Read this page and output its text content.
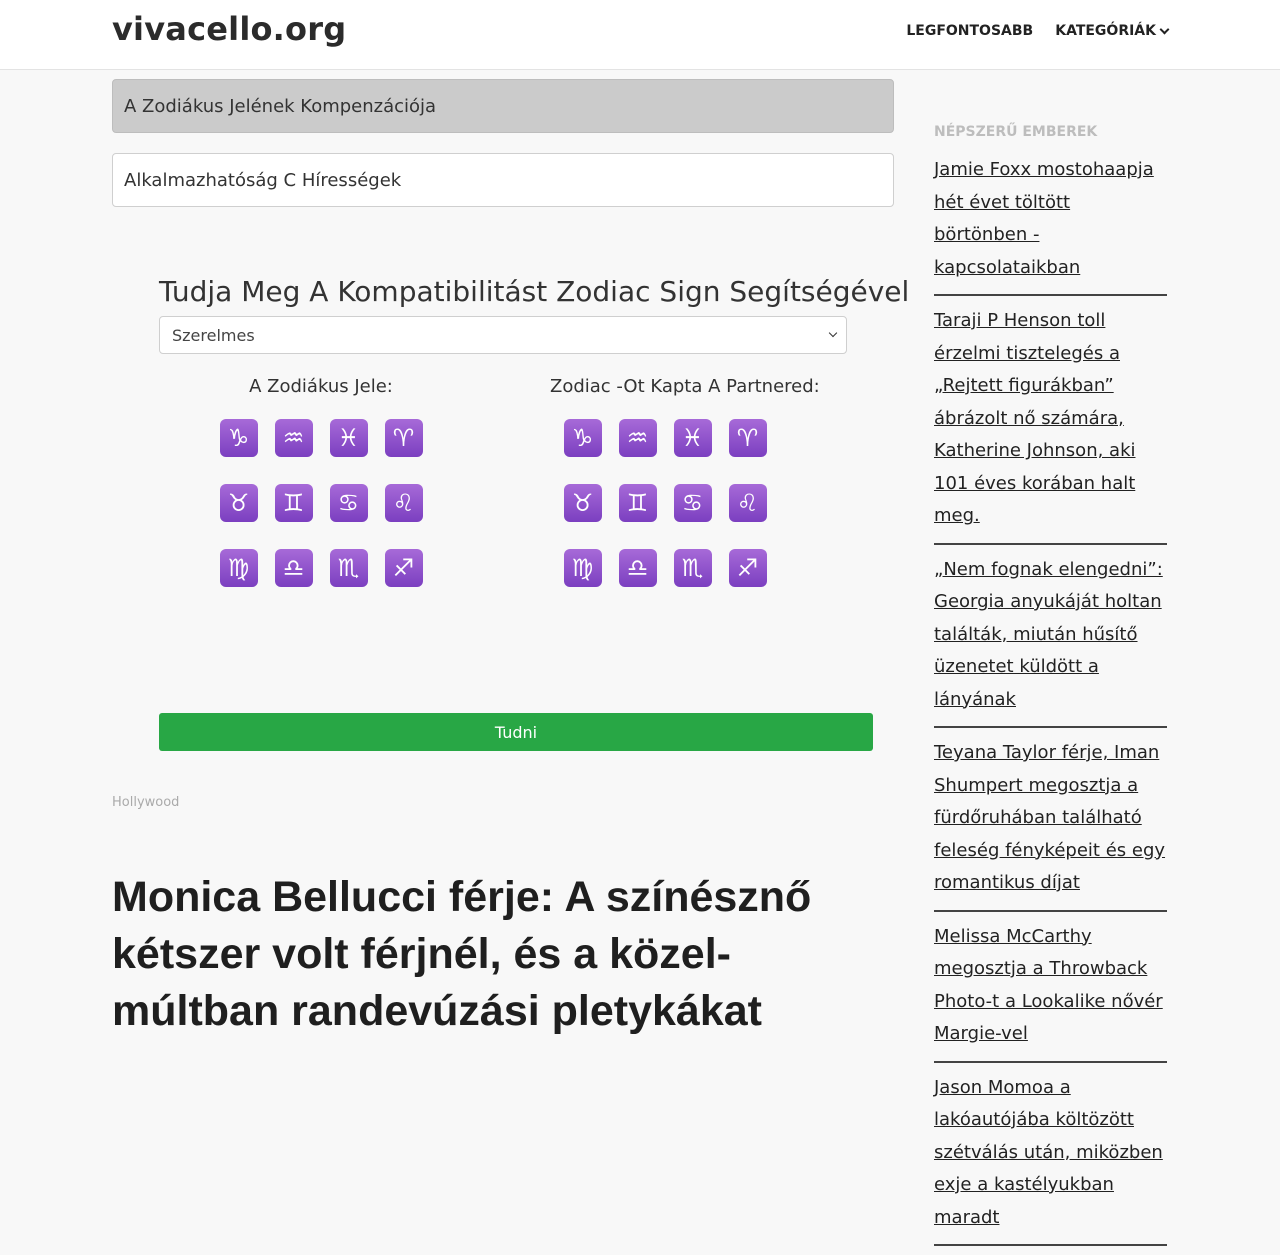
vivacello.org	LEGFONTOSABB KATEGÓRIÁK
A Zodiákus Jelének Kompenzációja
Alkalmazhatóság C Hírességek
Tudja Meg A Kompatibilitást Zodiac Sign Segítségével
Szerelmes
A Zodiákus Jele:
♑	♒	♓	♈
♉	♊	♋	♌
♍	♎	♏	♐
Zodiac -Ot Kapta A Partnered:
♑	♒	♓	♈
♉	♊	♋	♌
♍	♎	♏	♐
Tudni
Hollywood
Monica Bellucci férje: A színésznő kétszer volt férjnél, és a közel-múltban randevúzási pletykákat
NÉPSZERŰ EMBEREK
Jamie Foxx mostohaapja hét évet töltött börtönben - kapcsolataikban
Taraji P Henson toll érzelmi tisztelegés a „Rejtett figurákban” ábrázolt nő számára, Katherine Johnson, aki 101 éves korában halt meg.
„Nem fognak elengedni”: Georgia anyukáját holtan találták, miután hűsítő üzenetet küldött a lányának
Teyana Taylor férje, Iman Shumpert megosztja a fürdőruhában található feleség fényképeit és egy romantikus díjat
Melissa McCarthy megosztja a Throwback Photo-t a Lookalike nővér Margie-vel
Jason Momoa a lakóautójába költözött szétválás után, miközben exje a kastélyukban maradt
